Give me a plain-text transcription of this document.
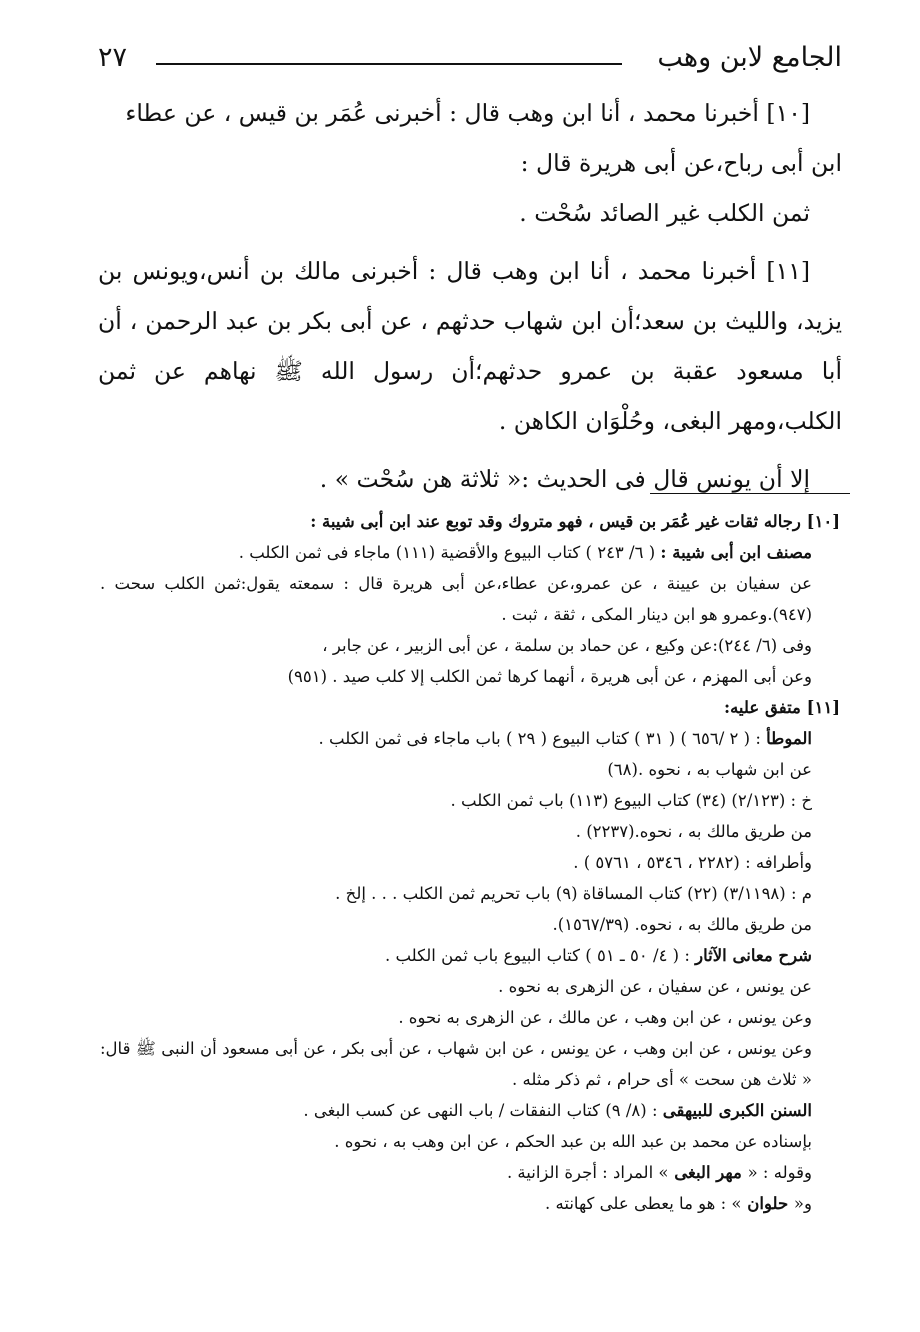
الجامع لابن وهب
٢٧

[١٠] أخبرنا محمد ، أنا ابن وهب قال : أخبرنى عُمَر بن قيس ، عن عطاء

ابن أبى رباح،عن أبى هريرة قال :

ثمن الكلب غير الصائد سُحْت .

[١١] أخبرنا محمد ، أنا ابن وهب قال : أخبرنى مالك بن أنس،ويونس بن يزيد، والليث بن سعد؛أن ابن شهاب حدثهم ، عن أبى بكر بن عبد الرحمن ، أن أبا مسعود عقبة بن عمرو حدثهم؛أن رسول الله ﷺ نهاهم عن ثمن الكلب،ومهر البغى، وحُلْوَان الكاهن .

إلا أن يونس قال فى الحديث :« ثلاثة هن سُحْت » .

[١٠] رجاله ثقات غير عُمَر بن قيس ، فهو متروك وقد توبع عند ابن أبى شيبة :

مصنف ابن أبى شيبة : ( ٦/ ٢٤٣ ) كتاب البيوع والأقضية (١١١) ماجاء فى ثمن الكلب .

عن سفيان بن عيينة ، عن عمرو،عن عطاء،عن أبى هريرة قال : سمعته يقول:ثمن الكلب سحت . (٩٤٧).وعمرو هو ابن دينار المكى ، ثقة ، ثبت .

وفى (٦/ ٢٤٤):عن وكيع ، عن حماد بن سلمة ، عن أبى الزبير ، عن جابر ،

وعن أبى المهزم ، عن أبى هريرة ، أنهما كرها ثمن الكلب إلا كلب صيد . (٩٥١)

[١١] متفق عليه:

الموطأ : ( ٢ /٦٥٦ ) ( ٣١ ) كتاب البيوع ( ٢٩ ) باب ماجاء فى ثمن الكلب .

عن ابن شهاب به ، نحوه .(٦٨)

خ : (٢/١٢٣) (٣٤) كتاب البيوع (١١٣) باب ثمن الكلب .

من طريق مالك به ، نحوه.(٢٢٣٧) .

وأطرافه : (٢٢٨٢ ، ٥٣٤٦ ، ٥٧٦١ ) .

م : (٣/١١٩٨) (٢٢) كتاب المساقاة (٩) باب تحريم ثمن الكلب . . . إلخ .

من طريق مالك به ، نحوه. (١٥٦٧/٣٩).

شرح معانى الآثار : ( ٤/ ٥٠ ـ ٥١ ) كتاب البيوع باب ثمن الكلب .

عن يونس ، عن سفيان ، عن الزهرى به نحوه .

وعن يونس ، عن ابن وهب ، عن مالك ، عن الزهرى به نحوه .

وعن يونس ، عن ابن وهب ، عن يونس ، عن ابن شهاب ، عن أبى بكر ، عن أبى مسعود أن النبى ﷺ قال: « ثلاث هن سحت » أى حرام ، ثم ذكر مثله .

السنن الكبرى للبيهقى : (٨/ ٩) كتاب النفقات / باب النهى عن كسب البغى .

بإسناده عن محمد بن عبد الله بن عبد الحكم ، عن ابن وهب به ، نحوه .

وقوله : « مهر البغى » المراد : أجرة الزانية .

و« حلوان » : هو ما يعطى على كهانته .
